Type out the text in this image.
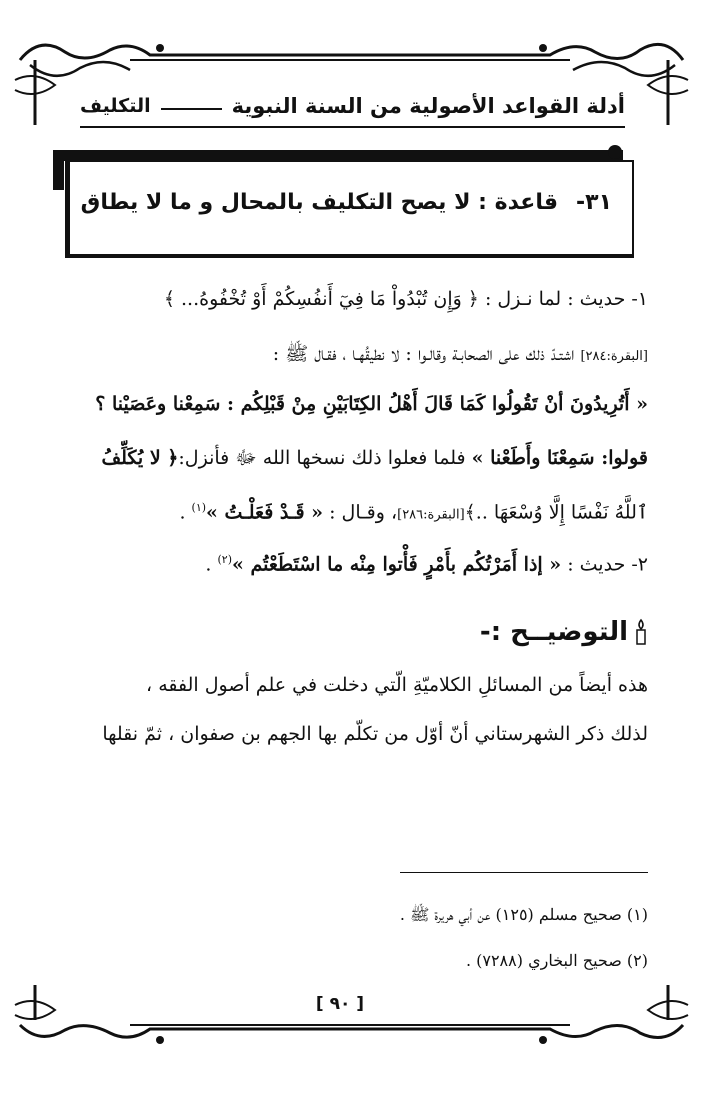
أدلة القواعد الأصولية من السنة النبوية
التكليف
٣١-قاعدة : لا يصح التكليف بالمحال و ما لا يطاق
١- حديث : لما نـزل : ﴿ وَإِن تُبْدُواْ مَا فِيٓ أَنفُسِكُمْ أَوْ تُخْفُوهُ... ﴾
[البقرة:٢٨٤] اشتـدّ ذلك على الصحابـة وقالـوا : لا نطيقُهـا ، فقـال ﷺ :
« أَتُرِيدُونَ أنْ تَقُولُوا كَمَا قَالَ أَهْلُ الكِتَابَيْنِ مِنْ قَبْلِكُم : سَمِعْنا وعَصَيْنا ؟
قولوا: سَمِعْنَا وأَطَعْنا » فلما فعلوا ذلك نسخها الله ﷻ فأنزل:﴿ لا يُكَلِّفُ
ٱللَّهُ نَفْسًا إِلَّا وُسْعَهَا ..﴾[البقرة:٢٨٦]، وقـال : « قَـدْ فَعَلْـتُ »$^{(١)}$ .
٢- حديث : « إذا أَمَرْتُكُم بأَمْرٍ فَأْتوا مِنْه ما اسْتَطَعْتُم »$^{(٢)}$ .
التوضيــح :-
هذه أيضاً من المسائلِ الكلاميّةِ الّتي دخلت في علم أصول الفقه ،
لذلك ذكر الشهرستاني أنّ أوّل من تكلّم بها الجهم بن صفوان ، ثمّ نقلها
(١) صحيح مسلم (١٢٥) عن أبي هريرة ﷺ .
(٢) صحيح البخاري (٧٢٨٨) .
[ ٩٠ ]
